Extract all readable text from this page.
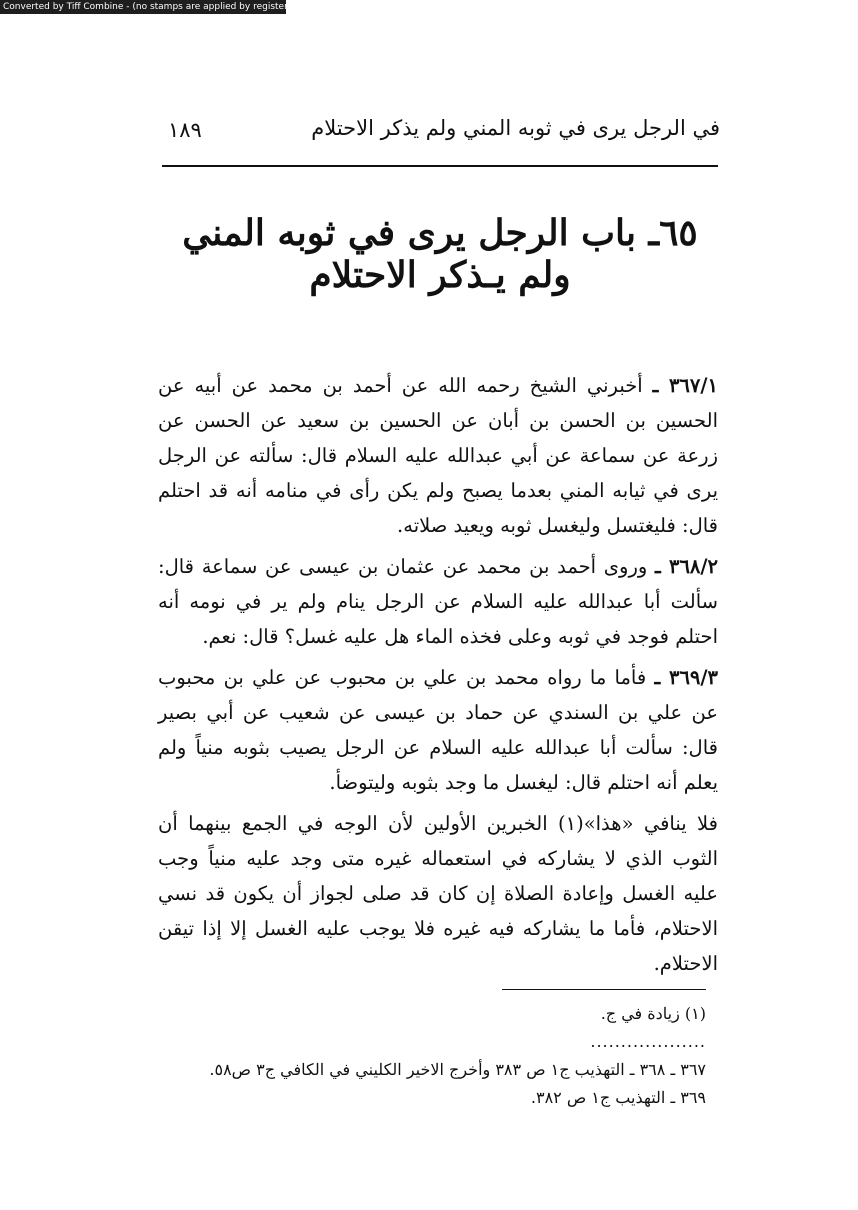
Converted by Tiff Combine - (no stamps are applied by registered version)
في الرجل يرى في ثوبه المني ولم يذكر الاحتلام
١٨٩
٦٥ـ باب الرجل يرى في ثوبه المني ولم يـذكر الاحتلام

٣٦٧/١ ـ أخبرني الشيخ رحمه الله عن أحمد بن محمد عن أبيه عن الحسين بن الحسن بن أبان عن الحسين بن سعيد عن الحسن عن زرعة عن سماعة عن أبي عبدالله عليه السلام قال: سألته عن الرجل يرى في ثيابه المني بعدما يصبح ولم يكن رأى في منامه أنه قد احتلم قال: فليغتسل وليغسل ثوبه ويعيد صلاته.

٣٦٨/٢ ـ وروى أحمد بن محمد عن عثمان بن عيسى عن سماعة قال: سألت أبا عبدالله عليه السلام عن الرجل ينام ولم ير في نومه أنه احتلم فوجد في ثوبه وعلى فخذه الماء هل عليه غسل؟ قال: نعم.

٣٦٩/٣ ـ فأما ما رواه محمد بن علي بن محبوب عن علي بن محبوب عن علي بن السندي عن حماد بن عيسى عن شعيب عن أبي بصير قال: سألت أبا عبدالله عليه السلام عن الرجل يصيب بثوبه منياً ولم يعلم أنه احتلم قال: ليغسل ما وجد بثوبه وليتوضأ.

فلا ينافي «هذا»(١) الخبرين الأولين لأن الوجه في الجمع بينهما أن الثوب الذي لا يشاركه في استعماله غيره متى وجد عليه منياً وجب عليه الغسل وإعادة الصلاة إن كان قد صلى لجواز أن يكون قد نسي الاحتلام، فأما ما يشاركه فيه غيره فلا يوجب عليه الغسل إلا إذا تيقن الاحتلام.

(١) زيادة في ج.

...................

٣٦٧ ـ ٣٦٨ ـ التهذيب ج١ ص ٣٨٣ وأخرج الاخير الكليني في الكافي ج٣ ص٥٨.

٣٦٩ ـ التهذيب ج١ ص ٣٨٢.
